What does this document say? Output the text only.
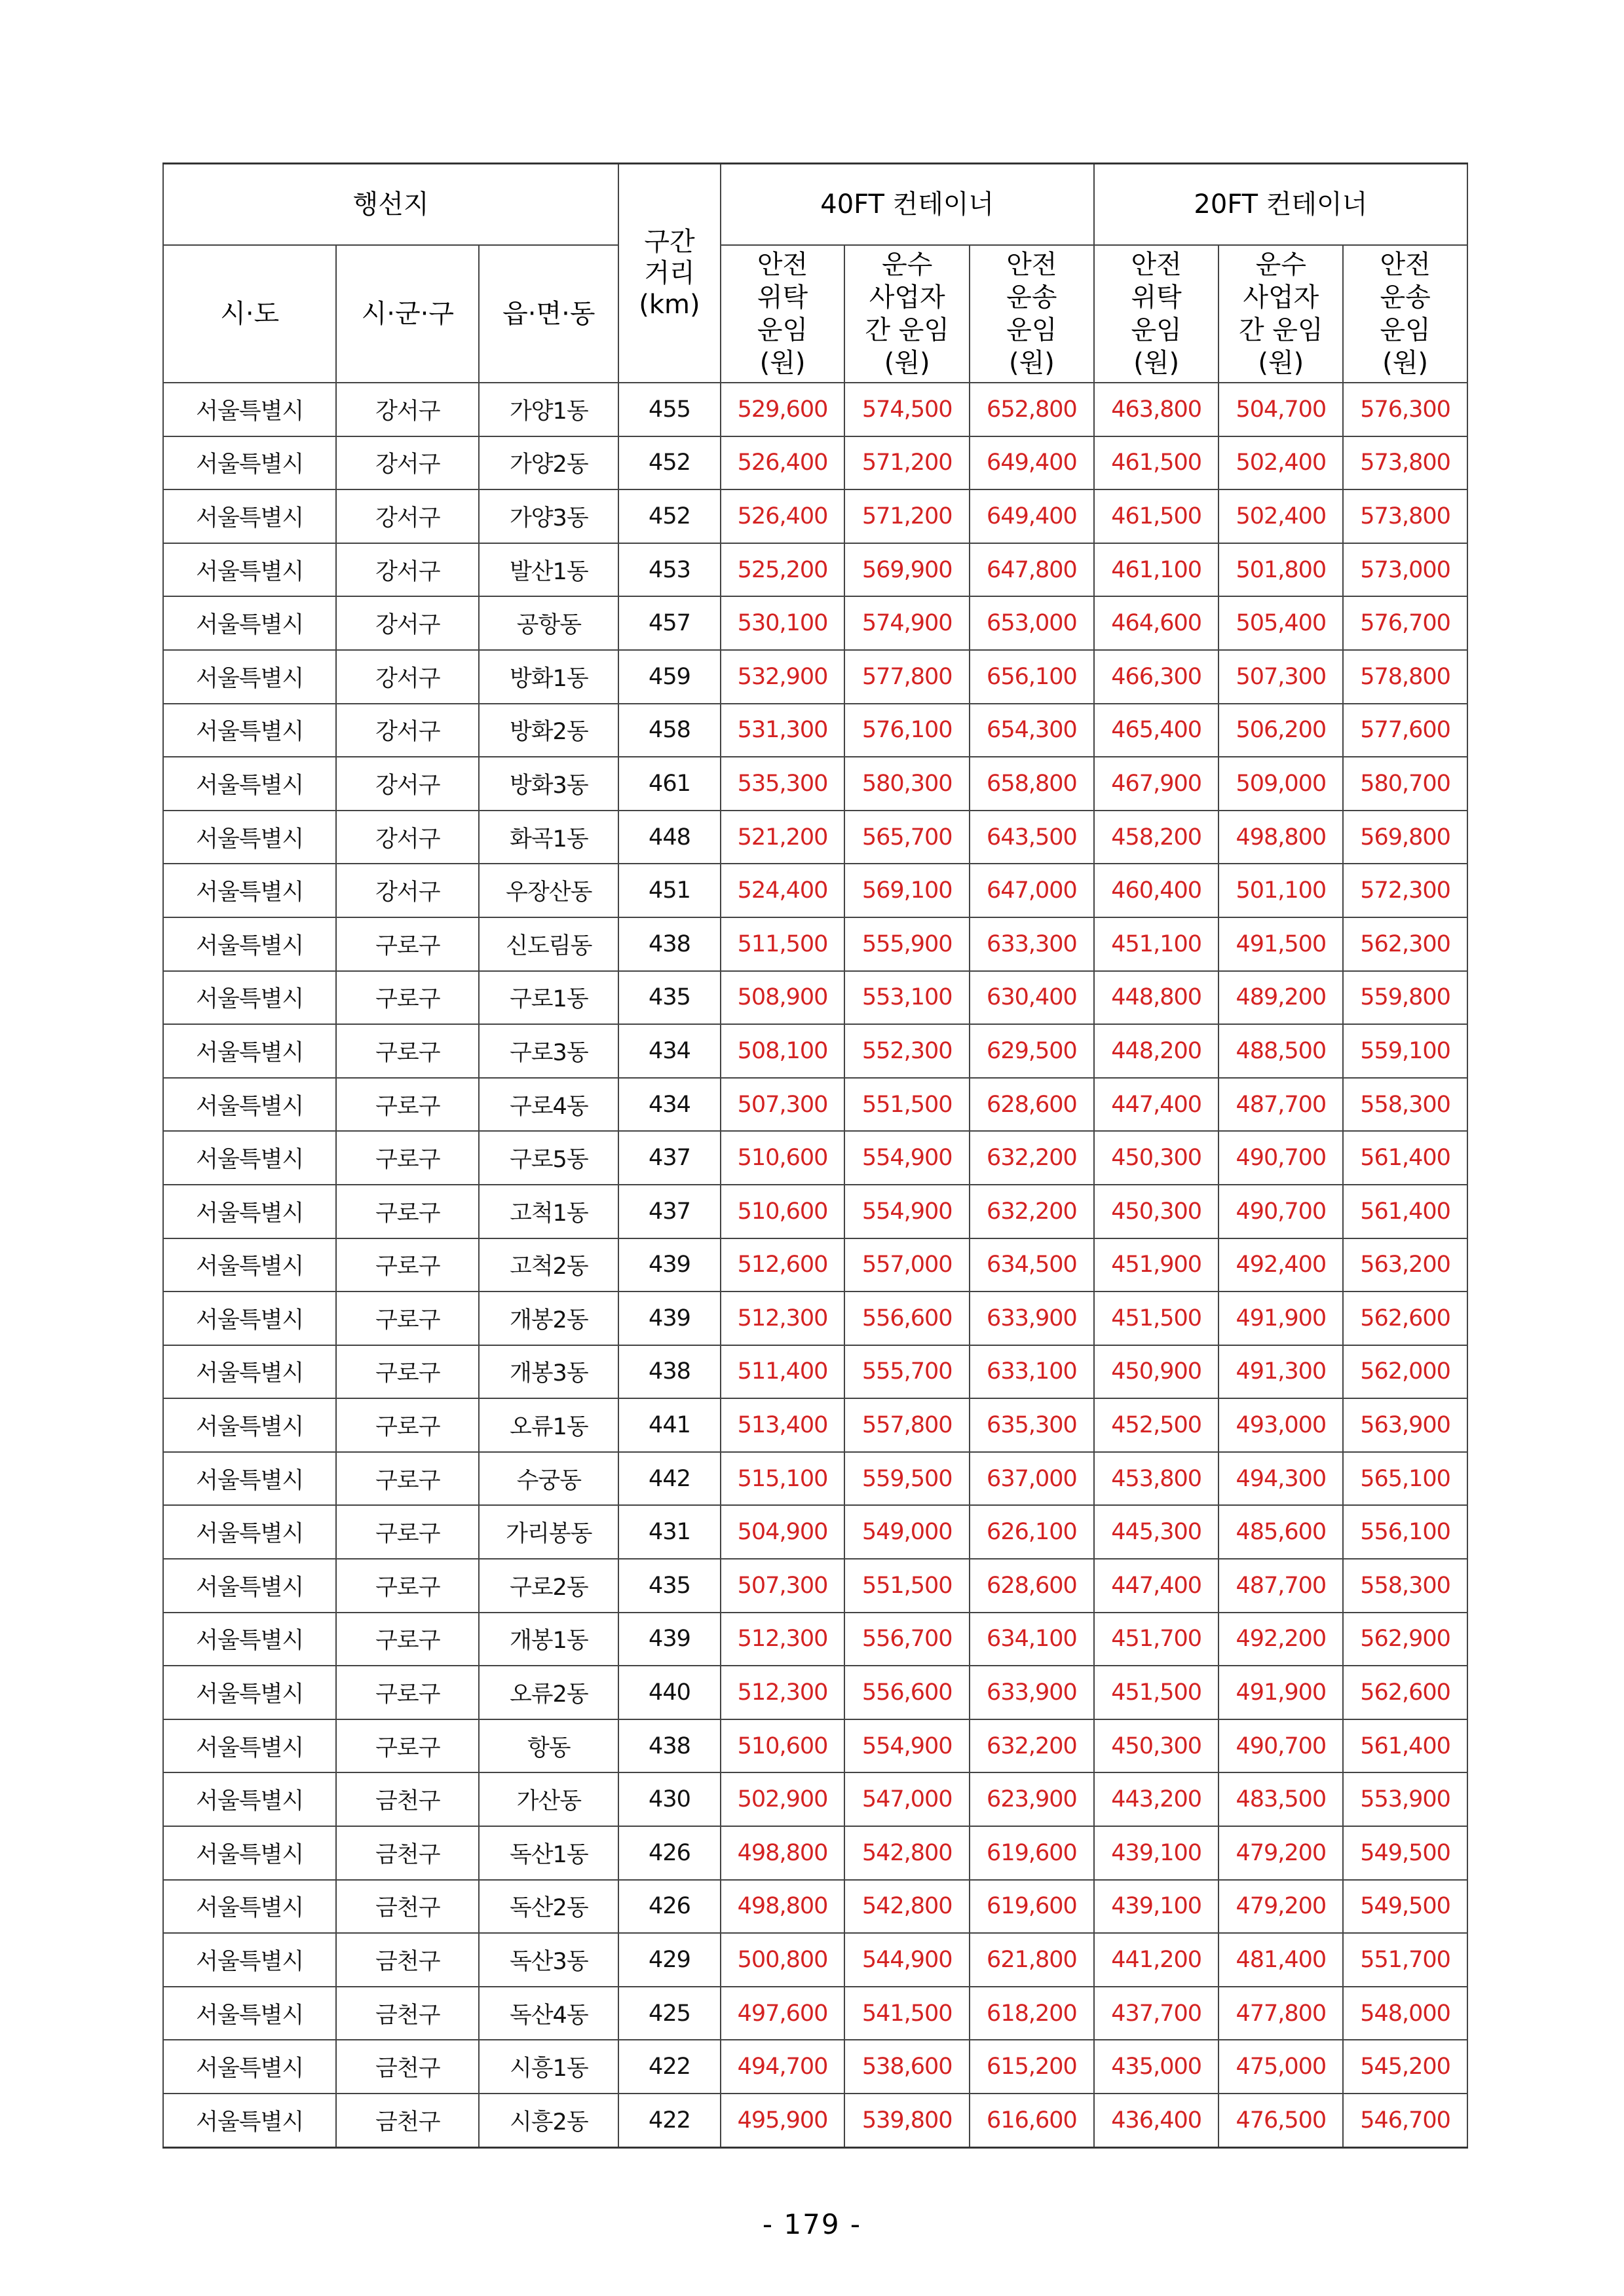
행선지			구간
거리
(km)	40FT 컨테이너			20FT 컨테이너		
시·도	시·군·구	읍·면·동		안전
위탁
운임
(원)	운수
사업자
간 운임
(원)	안전
운송
운임
(원)	안전
위탁
운임
(원)	운수
사업자
간 운임
(원)	안전
운송
운임
(원)

서울특별시	강서구	가양1동	455	529,600	574,500	652,800	463,800	504,700	576,300
서울특별시	강서구	가양2동	452	526,400	571,200	649,400	461,500	502,400	573,800
서울특별시	강서구	가양3동	452	526,400	571,200	649,400	461,500	502,400	573,800
서울특별시	강서구	발산1동	453	525,200	569,900	647,800	461,100	501,800	573,000
서울특별시	강서구	공항동	457	530,100	574,900	653,000	464,600	505,400	576,700
서울특별시	강서구	방화1동	459	532,900	577,800	656,100	466,300	507,300	578,800
서울특별시	강서구	방화2동	458	531,300	576,100	654,300	465,400	506,200	577,600
서울특별시	강서구	방화3동	461	535,300	580,300	658,800	467,900	509,000	580,700
서울특별시	강서구	화곡1동	448	521,200	565,700	643,500	458,200	498,800	569,800
서울특별시	강서구	우장산동	451	524,400	569,100	647,000	460,400	501,100	572,300
서울특별시	구로구	신도림동	438	511,500	555,900	633,300	451,100	491,500	562,300
서울특별시	구로구	구로1동	435	508,900	553,100	630,400	448,800	489,200	559,800
서울특별시	구로구	구로3동	434	508,100	552,300	629,500	448,200	488,500	559,100
서울특별시	구로구	구로4동	434	507,300	551,500	628,600	447,400	487,700	558,300
서울특별시	구로구	구로5동	437	510,600	554,900	632,200	450,300	490,700	561,400
서울특별시	구로구	고척1동	437	510,600	554,900	632,200	450,300	490,700	561,400
서울특별시	구로구	고척2동	439	512,600	557,000	634,500	451,900	492,400	563,200
서울특별시	구로구	개봉2동	439	512,300	556,600	633,900	451,500	491,900	562,600
서울특별시	구로구	개봉3동	438	511,400	555,700	633,100	450,900	491,300	562,000
서울특별시	구로구	오류1동	441	513,400	557,800	635,300	452,500	493,000	563,900
서울특별시	구로구	수궁동	442	515,100	559,500	637,000	453,800	494,300	565,100
서울특별시	구로구	가리봉동	431	504,900	549,000	626,100	445,300	485,600	556,100
서울특별시	구로구	구로2동	435	507,300	551,500	628,600	447,400	487,700	558,300
서울특별시	구로구	개봉1동	439	512,300	556,700	634,100	451,700	492,200	562,900
서울특별시	구로구	오류2동	440	512,300	556,600	633,900	451,500	491,900	562,600
서울특별시	구로구	항동	438	510,600	554,900	632,200	450,300	490,700	561,400
서울특별시	금천구	가산동	430	502,900	547,000	623,900	443,200	483,500	553,900
서울특별시	금천구	독산1동	426	498,800	542,800	619,600	439,100	479,200	549,500
서울특별시	금천구	독산2동	426	498,800	542,800	619,600	439,100	479,200	549,500
서울특별시	금천구	독산3동	429	500,800	544,900	621,800	441,200	481,400	551,700
서울특별시	금천구	독산4동	425	497,600	541,500	618,200	437,700	477,800	548,000
서울특별시	금천구	시흥1동	422	494,700	538,600	615,200	435,000	475,000	545,200
서울특별시	금천구	시흥2동	422	495,900	539,800	616,600	436,400	476,500	546,700
- 179 -
